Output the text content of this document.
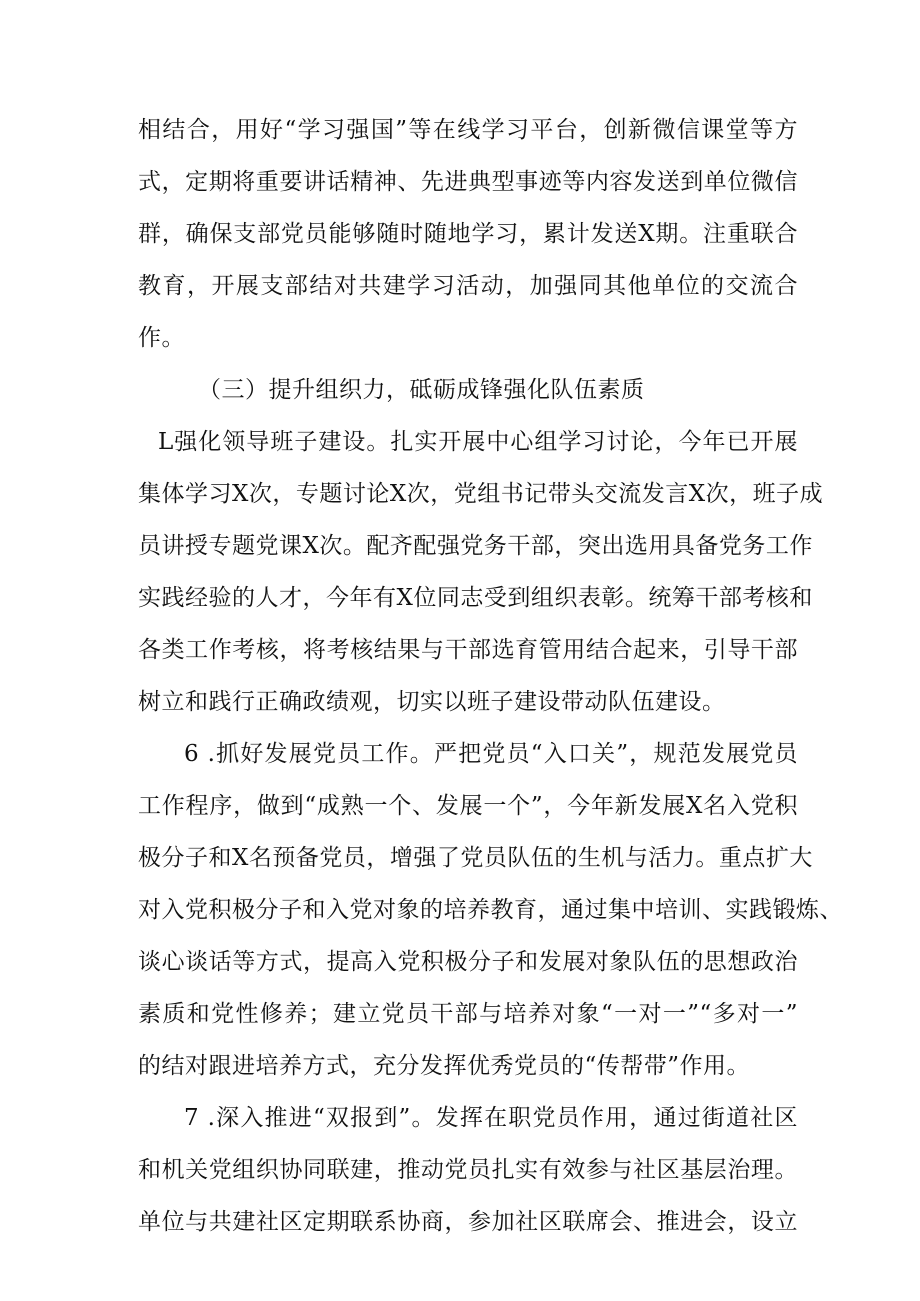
相结合，用好“学习强国”等在线学习平台，创新微信课堂等方
式，定期将重要讲话精神、先进典型事迹等内容发送到单位微信
群，确保支部党员能够随时随地学习，累计发送X期。注重联合
教育，开展支部结对共建学习活动，加强同其他单位的交流合
作。
（三）提升组织力，砥砺成锋强化队伍素质
L强化领导班子建设。扎实开展中心组学习讨论，今年已开展
集体学习X次，专题讨论X次，党组书记带头交流发言X次，班子成
员讲授专题党课X次。配齐配强党务干部，突出选用具备党务工作
实践经验的人才，今年有X位同志受到组织表彰。统筹干部考核和
各类工作考核，将考核结果与干部选育管用结合起来，引导干部
树立和践行正确政绩观，切实以班子建设带动队伍建设。
6 .抓好发展党员工作。严把党员“入口关”，规范发展党员
工作程序，做到“成熟一个、发展一个”，今年新发展X名入党积
极分子和X名预备党员，增强了党员队伍的生机与活力。重点扩大
对入党积极分子和入党对象的培养教育，通过集中培训、实践锻炼、
谈心谈话等方式，提高入党积极分子和发展对象队伍的思想政治
素质和党性修养；建立党员干部与培养对象“一对一”“多对一”
的结对跟进培养方式，充分发挥优秀党员的“传帮带”作用。
7 .深入推进“双报到”。发挥在职党员作用，通过街道社区
和机关党组织协同联建，推动党员扎实有效参与社区基层治理。
单位与共建社区定期联系协商，参加社区联席会、推进会，设立
